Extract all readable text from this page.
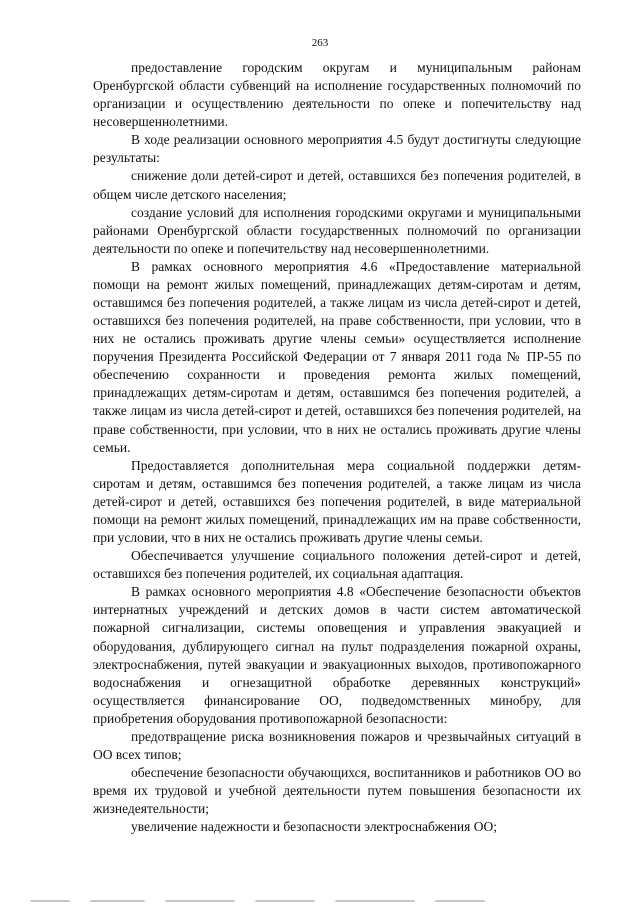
263

предоставление городским округам и муниципальным районам Оренбургской области субвенций на исполнение государственных полномочий по организации и осуществлению деятельности по опеке и попечительству над несовершеннолетними.

В ходе реализации основного мероприятия 4.5 будут достигнуты следующие результаты:

снижение доли детей-сирот и детей, оставшихся без попечения родителей, в общем числе детского населения;

создание условий для исполнения городскими округами и муниципальными районами Оренбургской области государственных полномочий по организации деятельности по опеке и попечительству над несовершеннолетними.

В рамках основного мероприятия 4.6 «Предоставление материальной помощи на ремонт жилых помещений, принадлежащих детям-сиротам и детям, оставшимся без попечения родителей, а также лицам из числа детей-сирот и детей, оставшихся без попечения родителей, на праве собственности, при условии, что в них не остались проживать другие члены семьи» осуществляется исполнение поручения Президента Российской Федерации от 7 января 2011 года № ПР-55 по обеспечению сохранности и проведения ремонта жилых помещений, принадлежащих детям-сиротам и детям, оставшимся без попечения родителей, а также лицам из числа детей-сирот и детей, оставшихся без попечения родителей, на праве собственности, при условии, что в них не остались проживать другие члены семьи.

Предоставляется дополнительная мера социальной поддержки детям-сиротам и детям, оставшимся без попечения родителей, а также лицам из числа детей-сирот и детей, оставшихся без попечения родителей, в виде материальной помощи на ремонт жилых помещений, принадлежащих им на праве собственности, при условии, что в них не остались проживать другие члены семьи.

Обеспечивается улучшение социального положения детей-сирот и детей, оставшихся без попечения родителей, их социальная адаптация.

В рамках основного мероприятия 4.8 «Обеспечение безопасности объектов интернатных учреждений и детских домов в части систем автоматической пожарной сигнализации, системы оповещения и управления эвакуацией и оборудования, дублирующего сигнал на пульт подразделения пожарной охраны, электроснабжения, путей эвакуации и эвакуационных выходов, противопожарного водоснабжения и огнезащитной обработке деревянных конструкций» осуществляется финансирование ОО, подведомственных минобру, для приобретения оборудования противопожарной безопасности:

предотвращение риска возникновения пожаров и чрезвычайных ситуаций в ОО всех типов;

обеспечение безопасности обучающихся, воспитанников и работников ОО во время их трудовой и учебной деятельности путем повышения безопасности их жизнедеятельности;

увеличение надежности и безопасности электроснабжения ОО;
